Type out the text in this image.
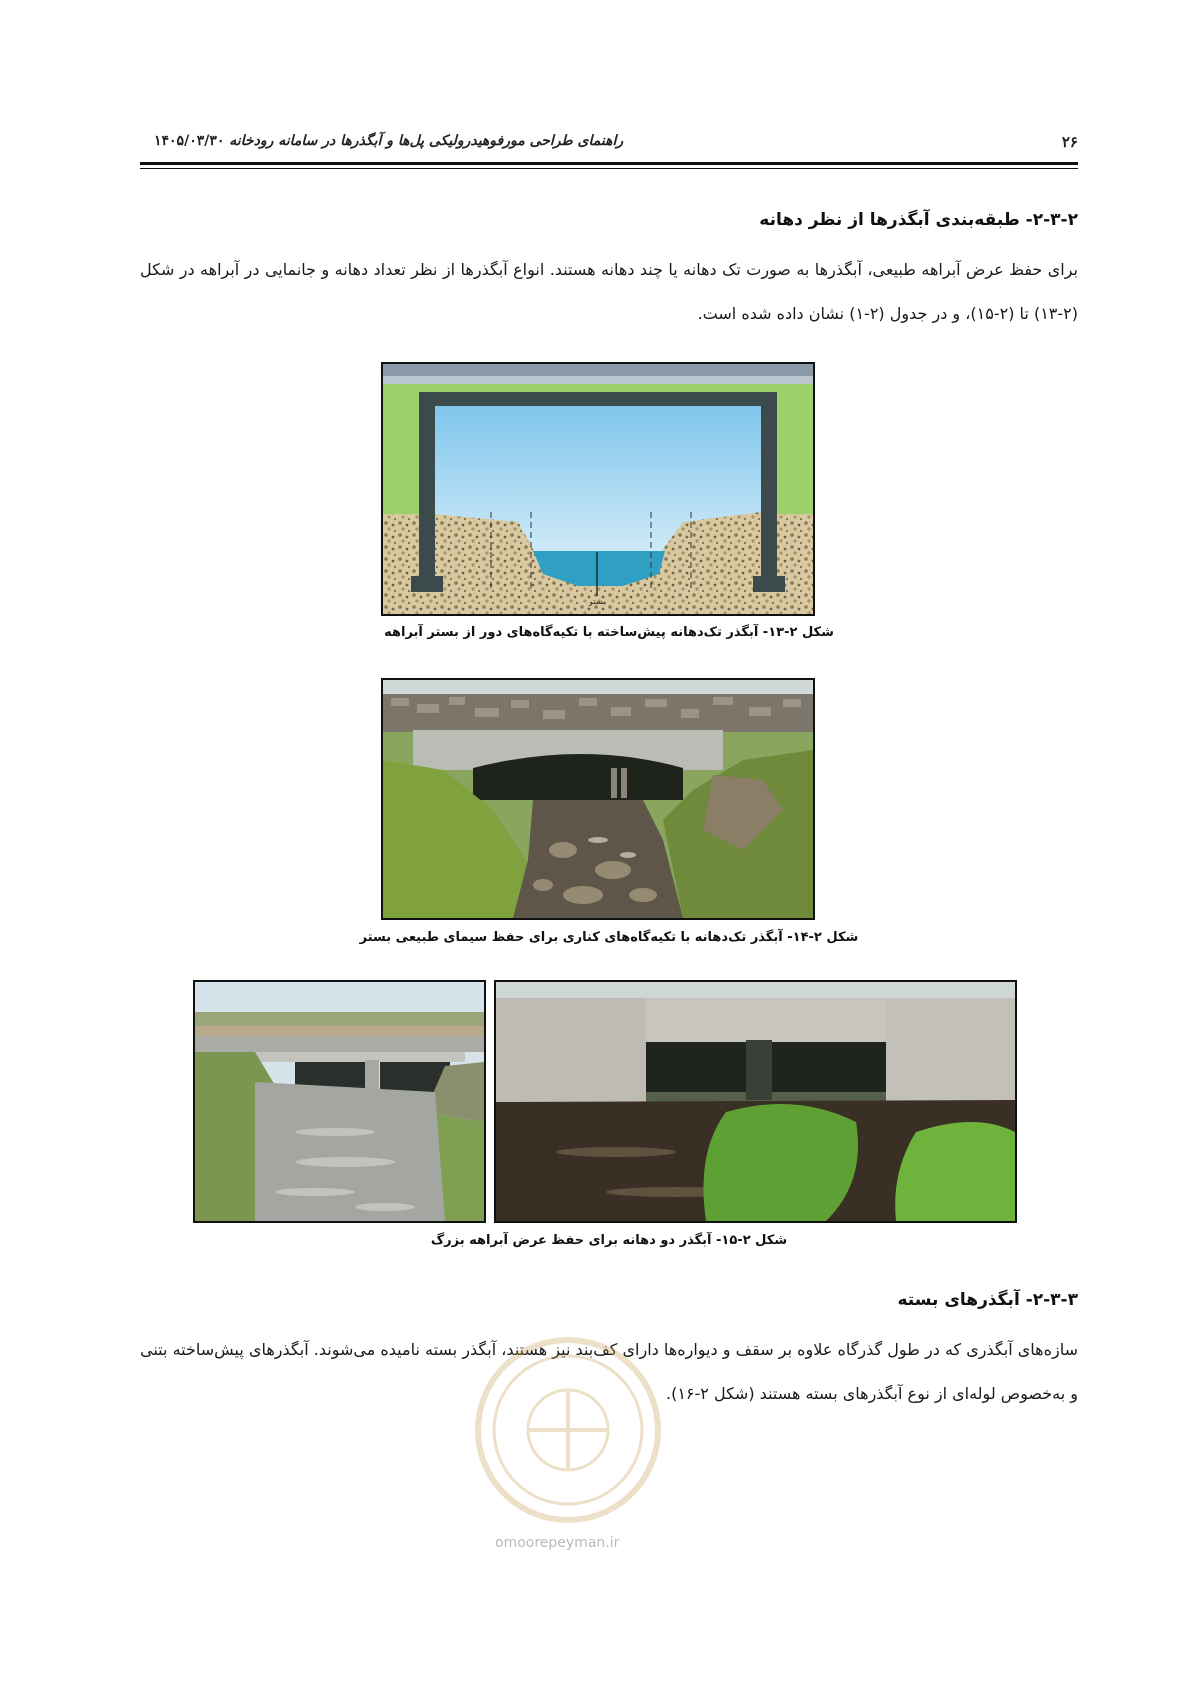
۲۶
راهنمای طراحی مورفوهیدرولیکی پل‌ها و آبگذرها در سامانه رودخانه ۱۴۰۵/۰۳/۳۰
۲-۳-۲- طبقه‌بندی آبگذرها از نظر دهانه
برای حفظ عرض آبراهه طبیعی، آبگذرها به صورت تک دهانه یا چند دهانه هستند. انواع آبگذرها از نظر تعداد دهانه و جانمایی در آبراهه در شکل (۲-۱۳) تا (۲-۱۵)، و در جدول (۲-۱) نشان داده شده است.
بستر
شکل ۲-۱۳- آبگذر تک‌دهانه پیش‌ساخته با تکیه‌گاه‌های دور از بستر آبراهه
شکل ۲-۱۴- آبگذر تک‌دهانه با تکیه‌گاه‌های کناری برای حفظ سیمای طبیعی بستر
شکل ۲-۱۵- آبگذر دو دهانه برای حفظ عرض آبراهه بزرگ
۲-۳-۳- آبگذرهای بسته
سازه‌های آبگذری که در طول گذرگاه علاوه بر سقف و دیواره‌ها دارای کف‌بند نیز هستند، آبگذر بسته نامیده می‌شوند. آبگذرهای پیش‌ساخته بتنی و به‌خصوص لوله‌ای از نوع آبگذرهای بسته هستند (شکل ۲-۱۶).
omoorepeyman.ir
